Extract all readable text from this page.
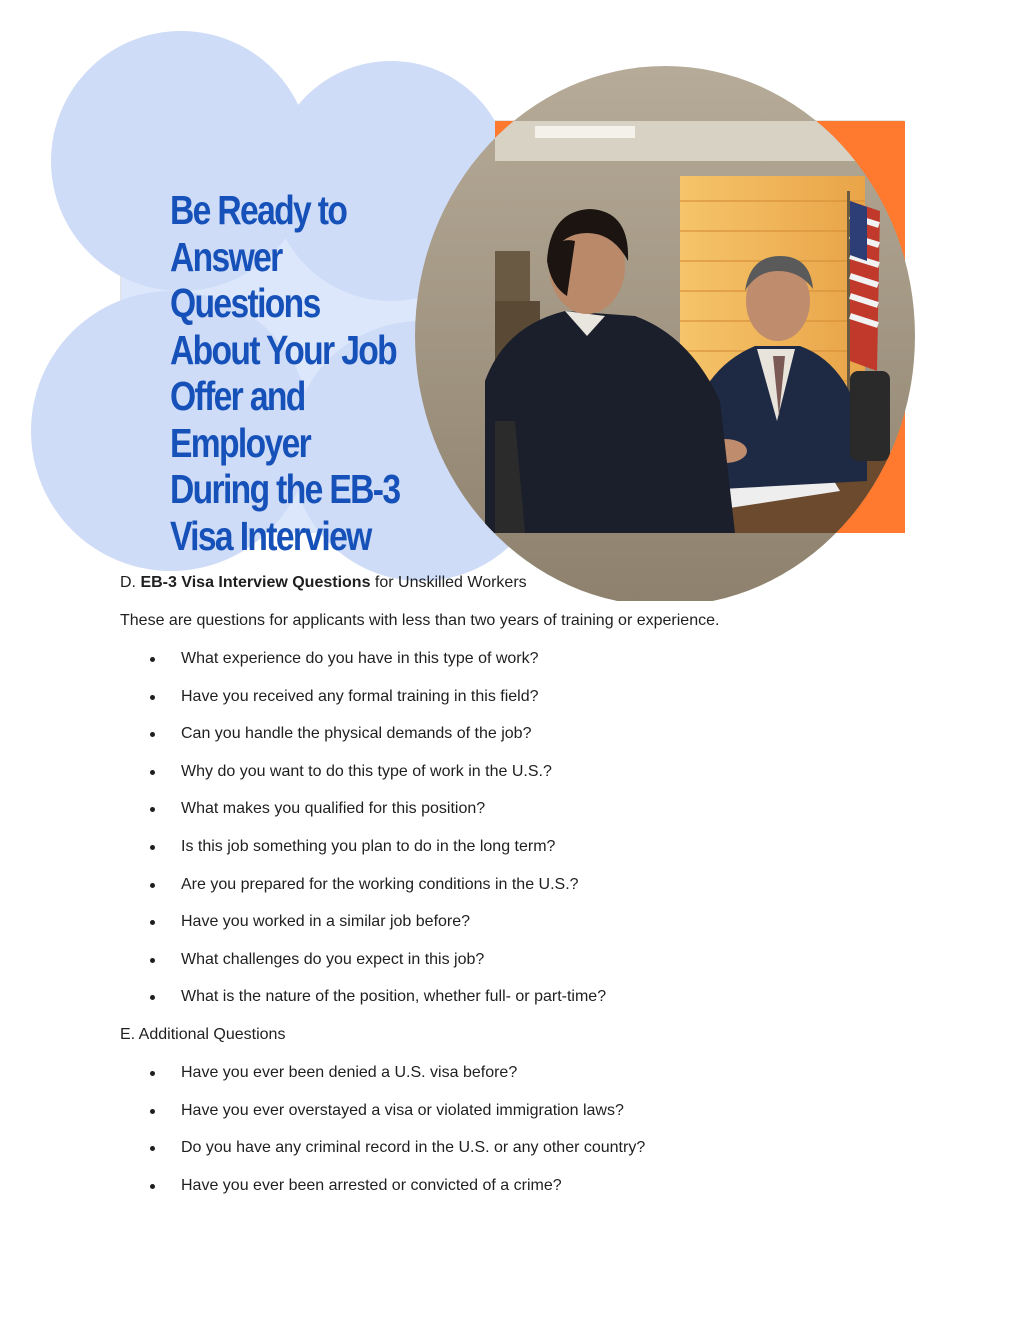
Be Ready to
Answer Questions
About Your Job
Offer and Employer
During the EB-3
Visa Interview
D. EB-3 Visa Interview Questions for Unskilled Workers
These are questions for applicants with less than two years of training or experience.
What experience do you have in this type of work?
Have you received any formal training in this field?
Can you handle the physical demands of the job?
Why do you want to do this type of work in the U.S.?
What makes you qualified for this position?
Is this job something you plan to do in the long term?
Are you prepared for the working conditions in the U.S.?
Have you worked in a similar job before?
What challenges do you expect in this job?
What is the nature of the position, whether full- or part-time?
E. Additional Questions
Have you ever been denied a U.S. visa before?
Have you ever overstayed a visa or violated immigration laws?
Do you have any criminal record in the U.S. or any other country?
Have you ever been arrested or convicted of a crime?
